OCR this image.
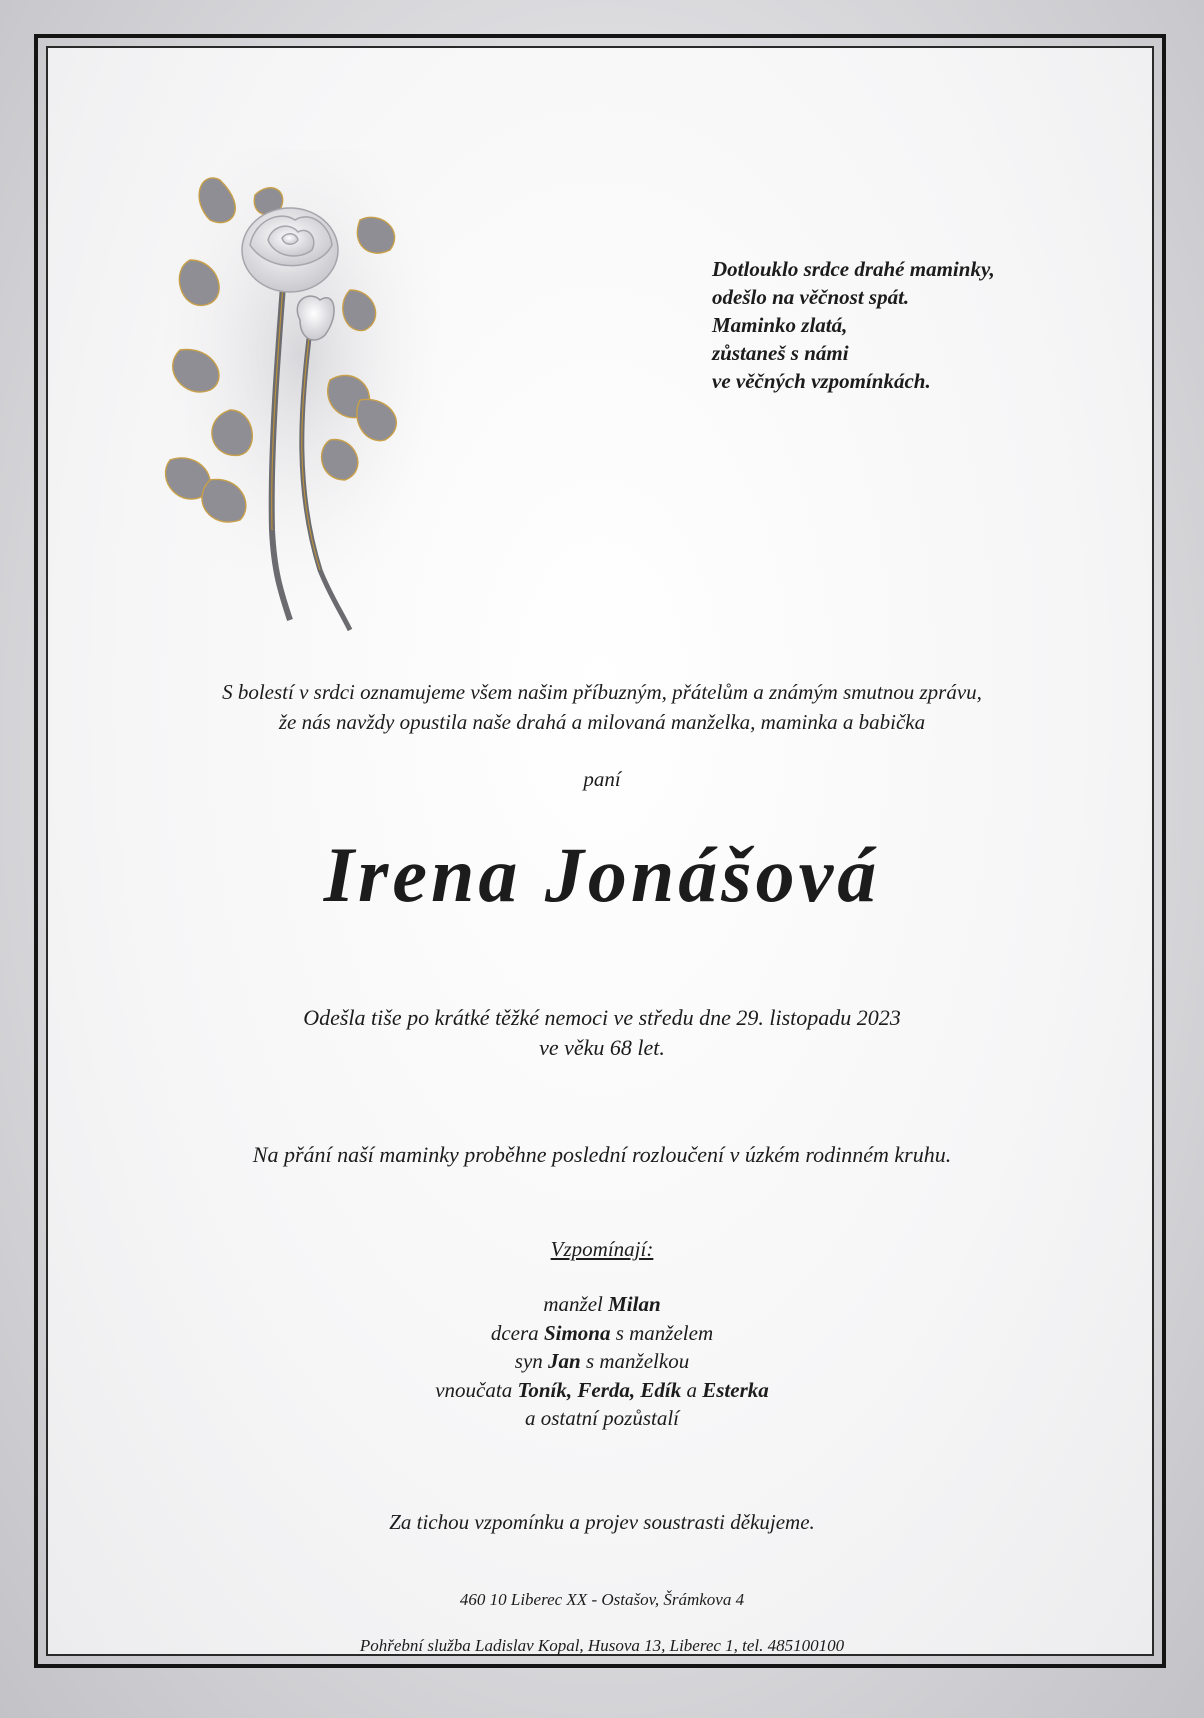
Dotlouklo srdce drahé maminky,
odešlo na věčnost spát.
Maminko zlatá,
zůstaneš s námi
ve věčných vzpomínkách.
S bolestí v srdci oznamujeme všem našim příbuzným, přátelům a známým smutnou zprávu,
že nás navždy opustila naše drahá a milovaná manželka, maminka a babička
paní
Irena Jonášová
Odešla tiše po krátké těžké nemoci ve středu dne 29. listopadu 2023
ve věku 68 let.
Na přání naší maminky proběhne poslední rozloučení v úzkém rodinném kruhu.
Vzpomínají:
manžel Milan
dcera Simona s manželem
syn Jan s manželkou
vnoučata Toník, Ferda, Edík a Esterka
a ostatní pozůstalí
Za tichou vzpomínku a projev soustrasti děkujeme.
460 10 Liberec XX - Ostašov, Šrámkova 4
Pohřební služba Ladislav Kopal, Husova 13, Liberec 1, tel. 485100100
